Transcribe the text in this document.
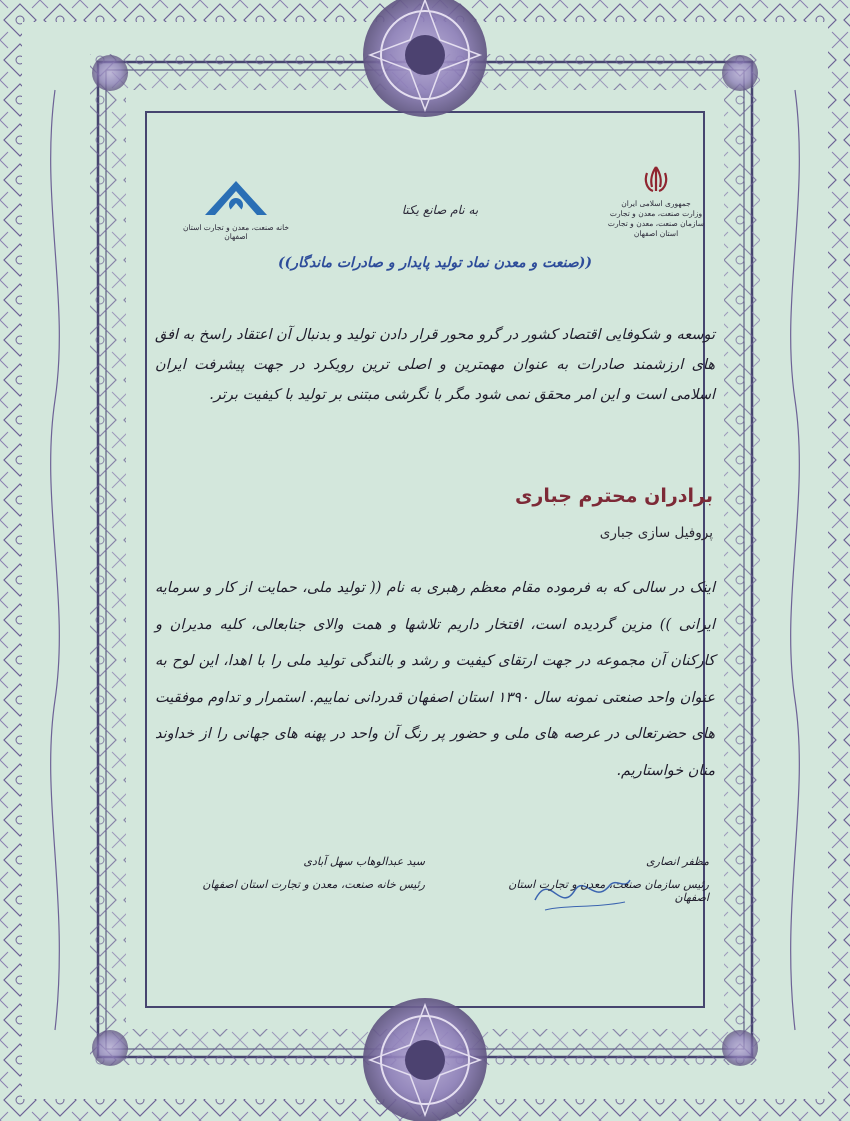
جمهوری اسلامی ایران
وزارت صنعت، معدن و تجارت
سازمان صنعت، معدن و تجارت استان اصفهان
به نام صانع یکتا
خانه صنعت، معدن و تجارت استان اصفهان
((صنعت و معدن نماد تولید پایدار و صادرات ماندگار))
توسعه و شکوفایی اقتصاد کشور در گرو محور قرار دادن تولید و بدنبال آن اعتقاد راسخ به افق های ارزشمند صادرات به عنوان مهمترین و اصلی ترین رویکرد در جهت پیشرفت ایران اسلامی است و این امر محقق نمی شود مگر با نگرشی مبتنی بر تولید با کیفیت برتر.
برادران محترم جباری
پروفیل سازی جباری
اینک در سالی که به فرموده مقام معظم رهبری به نام (( تولید ملی، حمایت از کار و سرمایه ایرانی )) مزین گردیده است، افتخار داریم تلاشها و همت والای جنابعالی، کلیه مدیران و کارکنان آن مجموعه در جهت ارتقای کیفیت و رشد و بالندگی تولید ملی را با اهدا، این لوح به عنوان واحد صنعتی نمونه سال ۱۳۹۰ استان اصفهان قدردانی نماییم. استمرار و تداوم موفقیت های حضرتعالی در عرصه های ملی و حضور پر رنگ آن واحد در پهنه های جهانی را از خداوند منان خواستاریم.
مظفر انصاری
رئیس سازمان صنعت، معدن و تجارت استان اصفهان
سید عبدالوهاب سهل آبادی
رئیس خانه صنعت، معدن و تجارت استان اصفهان
